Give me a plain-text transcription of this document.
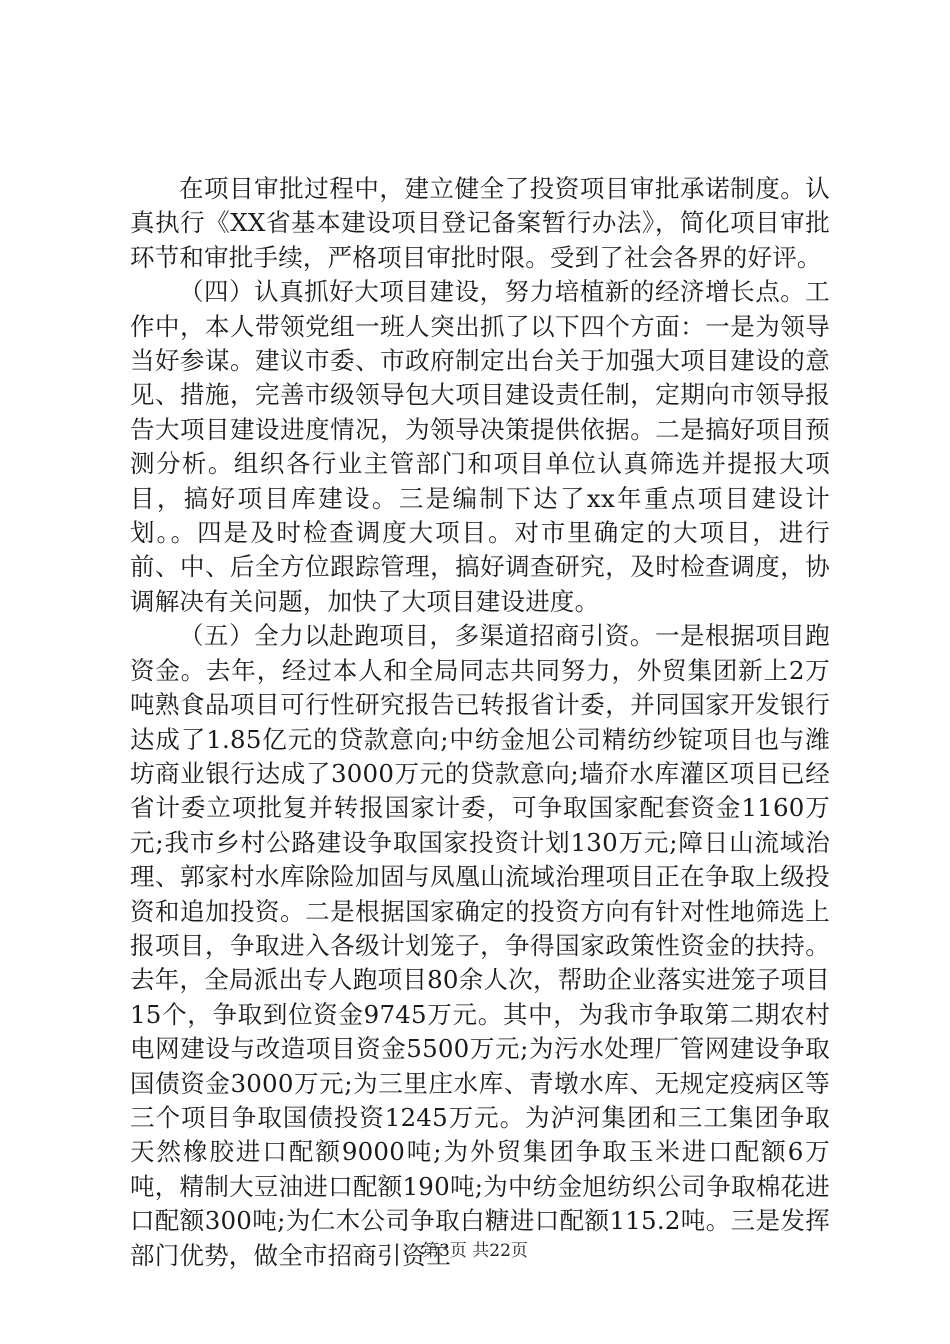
在项目审批过程中，建立健全了投资项目审批承诺制度。认真执行《XX省基本建设项目登记备案暂行办法》，简化项目审批环节和审批手续，严格项目审批时限。受到了社会各界的好评。

（四）认真抓好大项目建设，努力培植新的经济增长点。工作中，本人带领党组一班人突出抓了以下四个方面：一是为领导当好参谋。建议市委、市政府制定出台关于加强大项目建设的意见、措施，完善市级领导包大项目建设责任制，定期向市领导报告大项目建设进度情况，为领导决策提供依据。二是搞好项目预测分析。组织各行业主管部门和项目单位认真筛选并提报大项目，搞好项目库建设。三是编制下达了xx年重点项目建设计划。。四是及时检查调度大项目。对市里确定的大项目，进行前、中、后全方位跟踪管理，搞好调查研究，及时检查调度，协调解决有关问题，加快了大项目建设进度。

（五）全力以赴跑项目，多渠道招商引资。一是根据项目跑资金。去年，经过本人和全局同志共同努力，外贸集团新上2万吨熟食品项目可行性研究报告已转报省计委，并同国家开发银行达成了1.85亿元的贷款意向;中纺金旭公司精纺纱锭项目也与潍坊商业银行达成了3000万元的贷款意向;墙夼水库灌区项目已经省计委立项批复并转报国家计委，可争取国家配套资金1160万元;我市乡村公路建设争取国家投资计划130万元;障日山流域治理、郭家村水库除险加固与凤凰山流域治理项目正在争取上级投资和追加投资。二是根据国家确定的投资方向有针对性地筛选上报项目，争取进入各级计划笼子，争得国家政策性资金的扶持。去年，全局派出专人跑项目80余人次，帮助企业落实进笼子项目15个，争取到位资金9745万元。其中，为我市争取第二期农村电网建设与改造项目资金5500万元;为污水处理厂管网建设争取国债资金3000万元;为三里庄水库、青墩水库、无规定疫病区等三个项目争取国债投资1245万元。为泸河集团和三工集团争取天然橡胶进口配额9000吨;为外贸集团争取玉米进口配额6万吨，精制大豆油进口配额190吨;为中纺金旭纺织公司争取棉花进口配额300吨;为仁木公司争取白糖进口配额115.2吨。三是发挥部门优势，做全市招商引资工

第3页 共22页
